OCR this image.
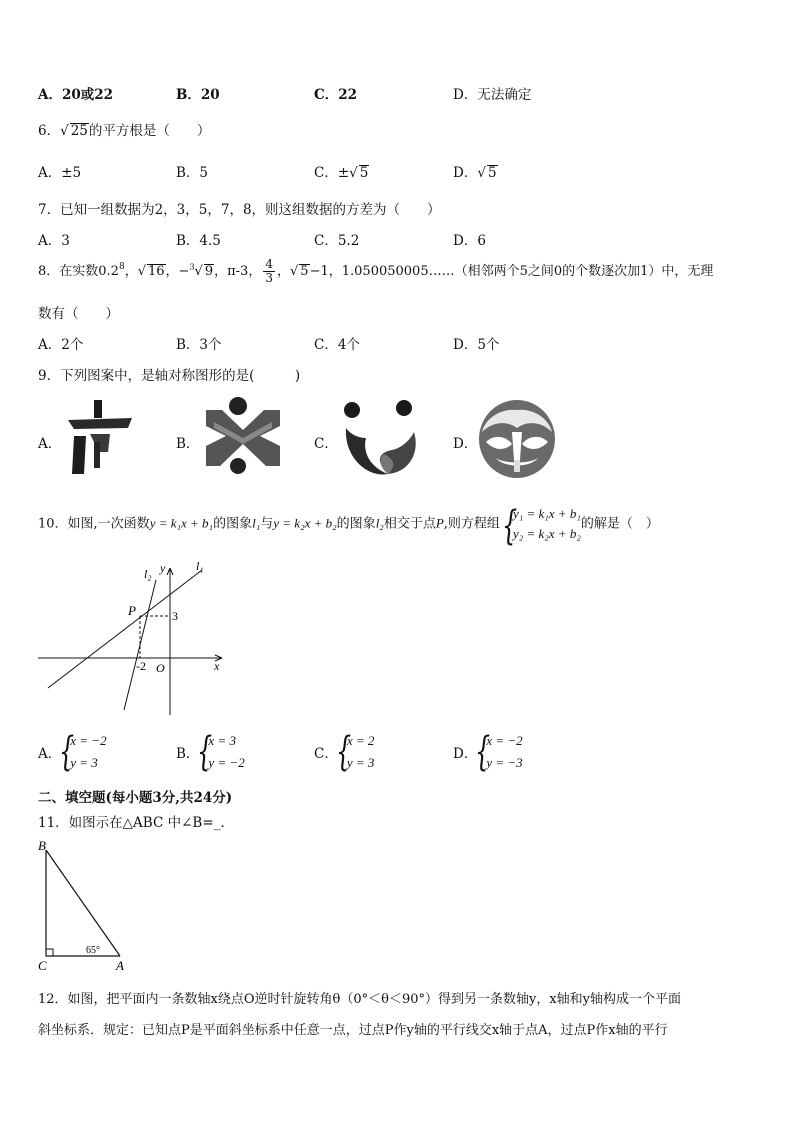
A．20或22	B．20	C．22	D．无法确定
6．√ 25的平方根是（　　）
A．±5	B．5	C．±√ 5	D．√ 5
7．已知一组数据为2，3，5，7，8，则这组数据的方差为（　　）
A．3	B．4.5	C．5.2	D．6
8．在实数$0.2^8$，√ 16，−$^3$√ 9，π-3， $\frac{4}{3}$ ，√ 5−1，1.050050005……（相邻两个5之间0的个数逐次加1）中，无理
数有（　　）
A．2个	B．3个	C．4个	D．5个
9．下列图案中，是轴对称图形的是(　　　)
A．	B．	C．	D．
10．如图,一次函数y = k₁x + b₁的图象l₁与y = k₂x + b₂的图象l₂相交于点P,则方程组
{ y₁ = k₁x + b₁
y₂ = k₂x + b₂
的解是（　）
l₂ y	l₁
P	3
-2 O	x
A．
{ x = −2
y = 3
B．
{ x = 3
y = −2
C．
{ x = 2
y = 3
D．
{ x = −2
y = −3
二、填空题(每小题3分,共24分)
11．如图示在△ABC 中∠B=_.
B
C	A
65°
12．如图，把平面内一条数轴x绕点O逆时针旋转角θ（0°＜θ＜90°）得到另一条数轴y，x轴和y轴构成一个平面
斜坐标系．规定：已知点P是平面斜坐标系中任意一点，过点P作y轴的平行线交x轴于点A，过点P作x轴的平行
